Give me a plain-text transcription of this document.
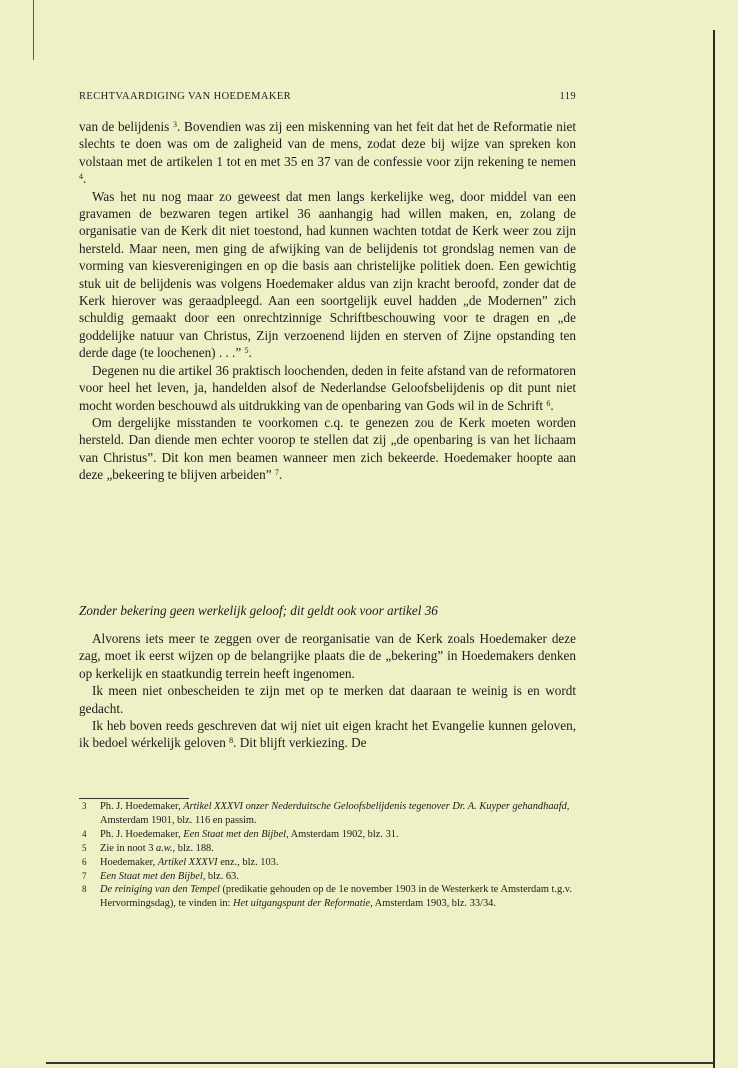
RECHTVAARDIGING VAN HOEDEMAKER	119

van de belijdenis $^3$. Bovendien was zij een miskenning van het feit dat het de Reformatie niet slechts te doen was om de zaligheid van de mens, zodat deze bij wijze van spreken kon volstaan met de artikelen 1 tot en met 35 en 37 van de confessie voor zijn rekening te nemen $^4$.

Was het nu nog maar zo geweest dat men langs kerkelijke weg, door middel van een gravamen de bezwaren tegen artikel 36 aanhangig had willen maken, en, zolang de organisatie van de Kerk dit niet toestond, had kunnen wachten totdat de Kerk weer zou zijn hersteld. Maar neen, men ging de afwijking van de belijdenis tot grondslag nemen van de vorming van kiesverenigingen en op die basis aan christelijke politiek doen. Een gewichtig stuk uit de belijdenis was volgens Hoedemaker aldus van zijn kracht beroofd, zonder dat de Kerk hierover was geraadpleegd. Aan een soortgelijk euvel hadden „de Modernen” zich schuldig gemaakt door een onrechtzinnige Schriftbeschouwing voor te dragen en „de goddelijke natuur van Christus, Zijn verzoenend lijden en sterven of Zijne opstanding ten derde dage (te loochenen) . . .” $^5$.

Degenen nu die artikel 36 praktisch loochenden, deden in feite afstand van de reformatoren voor heel het leven, ja, handelden alsof de Nederlandse Geloofsbelijdenis op dit punt niet mocht worden beschouwd als uitdrukking van de openbaring van Gods wil in de Schrift $^6$.

Om dergelijke misstanden te voorkomen c.q. te genezen zou de Kerk moeten worden hersteld. Dan diende men echter voorop te stellen dat zij „de openbaring is van het lichaam van Christus”. Dit kon men beamen wanneer men zich bekeerde. Hoedemaker hoopte aan deze „bekeering te blijven arbeiden” $^7$.

Zonder bekering geen werkelijk geloof; dit geldt ook voor artikel 36

Alvorens iets meer te zeggen over de reorganisatie van de Kerk zoals Hoedemaker deze zag, moet ik eerst wijzen op de belangrijke plaats die de „bekering” in Hoedemakers denken op kerkelijk en staatkundig terrein heeft ingenomen.

Ik meen niet onbescheiden te zijn met op te merken dat daaraan te weinig is en wordt gedacht.

Ik heb boven reeds geschreven dat wij niet uit eigen kracht het Evangelie kunnen geloven, ik bedoel wérkelijk geloven $^8$. Dit blijft verkiezing. De

3	Ph. J. Hoedemaker, Artikel XXXVI onzer Nederduitsche Geloofsbelijdenis tegenover Dr. A. Kuyper gehandhaafd, Amsterdam 1901, blz. 116 en passim.
4	Ph. J. Hoedemaker, Een Staat met den Bijbel, Amsterdam 1902, blz. 31.
5	Zie in noot 3 a.w., blz. 188.
6	Hoedemaker, Artikel XXXVI enz., blz. 103.
7	Een Staat met den Bijbel, blz. 63.
8	De reiniging van den Tempel (predikatie gehouden op de 1e november 1903 in de Westerkerk te Amsterdam t.g.v. Hervormingsdag), te vinden in: Het uitgangspunt der Reformatie, Amsterdam 1903, blz. 33/34.
